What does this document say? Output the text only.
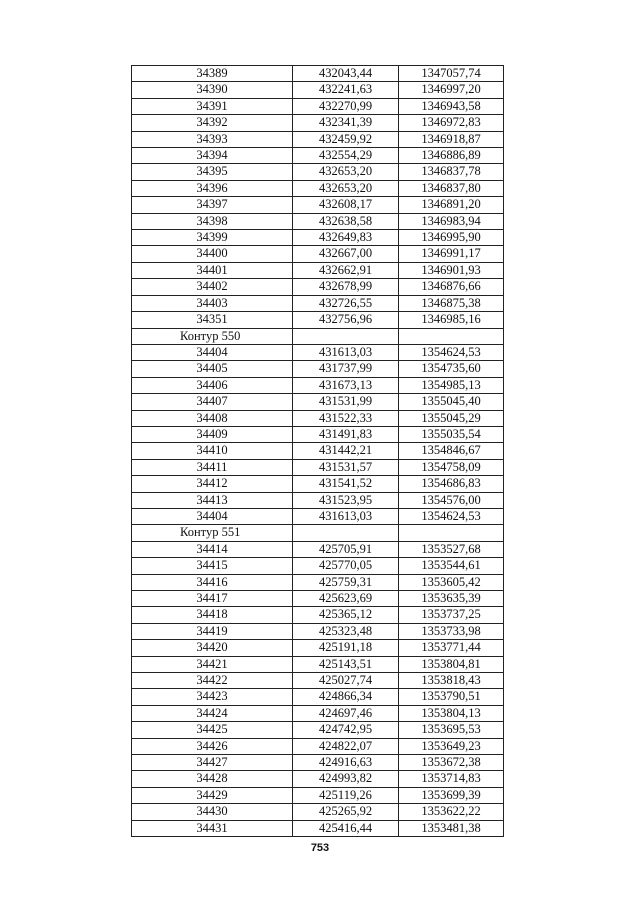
34389	432043,44	1347057,74
34390	432241,63	1346997,20
34391	432270,99	1346943,58
34392	432341,39	1346972,83
34393	432459,92	1346918,87
34394	432554,29	1346886,89
34395	432653,20	1346837,78
34396	432653,20	1346837,80
34397	432608,17	1346891,20
34398	432638,58	1346983,94
34399	432649,83	1346995,90
34400	432667,00	1346991,17
34401	432662,91	1346901,93
34402	432678,99	1346876,66
34403	432726,55	1346875,38
34351	432756,96	1346985,16
Контур 550		
34404	431613,03	1354624,53
34405	431737,99	1354735,60
34406	431673,13	1354985,13
34407	431531,99	1355045,40
34408	431522,33	1355045,29
34409	431491,83	1355035,54
34410	431442,21	1354846,67
34411	431531,57	1354758,09
34412	431541,52	1354686,83
34413	431523,95	1354576,00
34404	431613,03	1354624,53
Контур 551		
34414	425705,91	1353527,68
34415	425770,05	1353544,61
34416	425759,31	1353605,42
34417	425623,69	1353635,39
34418	425365,12	1353737,25
34419	425323,48	1353733,98
34420	425191,18	1353771,44
34421	425143,51	1353804,81
34422	425027,74	1353818,43
34423	424866,34	1353790,51
34424	424697,46	1353804,13
34425	424742,95	1353695,53
34426	424822,07	1353649,23
34427	424916,63	1353672,38
34428	424993,82	1353714,83
34429	425119,26	1353699,39
34430	425265,92	1353622,22
34431	425416,44	1353481,38
753
